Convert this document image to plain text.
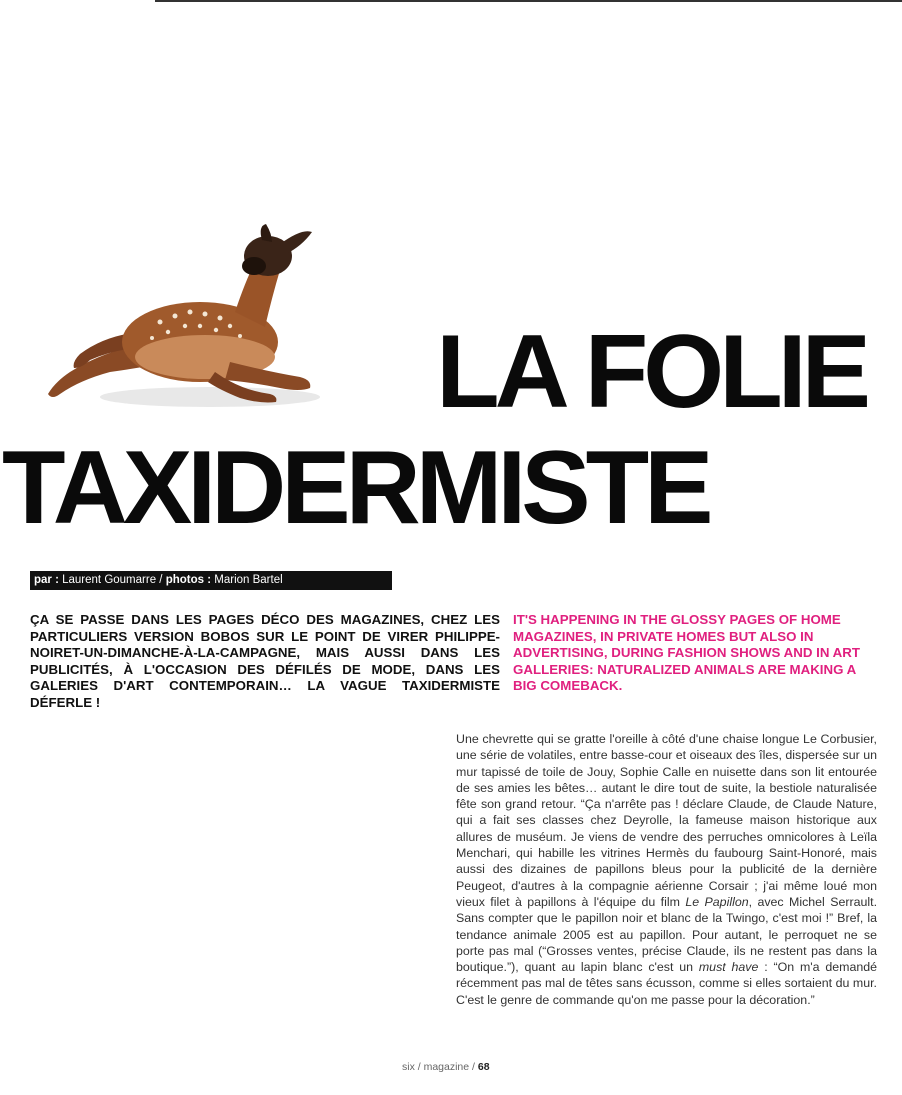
LA FOLIE
TAXIDERMISTE
par : Laurent Goumarre / photos : Marion Bartel

ÇA SE PASSE DANS LES PAGES DÉCO DES MAGAZINES, CHEZ LES PARTICULIERS VERSION BOBOS SUR LE POINT DE VIRER PHILIPPE-NOIRET-UN-DIMANCHE-À-LA-CAMPAGNE, MAIS AUSSI DANS LES PUBLICITÉS, À L'OCCASION DES DÉFILÉS DE MODE, DANS LES GALERIES D'ART CONTEMPORAIN… LA VAGUE TAXIDERMISTE DÉFERLE !

IT'S HAPPENING IN THE GLOSSY PAGES OF HOME MAGAZINES, IN PRIVATE HOMES BUT ALSO IN ADVERTISING, DURING FASHION SHOWS AND IN ART GALLERIES: NATURALIZED ANIMALS ARE MAKING A BIG COMEBACK.

Une chevrette qui se gratte l'oreille à côté d'une chaise longue Le Corbusier, une série de volatiles, entre basse-cour et oiseaux des îles, dispersée sur un mur tapissé de toile de Jouy, Sophie Calle en nuisette dans son lit entourée de ses amies les bêtes… autant le dire tout de suite, la bestiole naturalisée fête son grand retour. “Ça n'arrête pas ! déclare Claude, de Claude Nature, qui a fait ses classes chez Deyrolle, la fameuse maison historique aux allures de muséum. Je viens de vendre des perruches omnicolores à Leïla Menchari, qui habille les vitrines Hermès du faubourg Saint-Honoré, mais aussi des dizaines de papillons bleus pour la publicité de la dernière Peugeot, d'autres à la compagnie aérienne Corsair ; j'ai même loué mon vieux filet à papillons à l'équipe du film Le Papillon, avec Michel Serrault. Sans compter que le papillon noir et blanc de la Twingo, c'est moi !” Bref, la tendance animale 2005 est au papillon. Pour autant, le perroquet ne se porte pas mal (“Grosses ventes, précise Claude, ils ne restent pas dans la boutique.”), quant au lapin blanc c'est un must have : “On m'a demandé récemment pas mal de têtes sans écusson, comme si elles sortaient du mur. C'est le genre de commande qu'on me passe pour la décoration.”

six / magazine / 68
